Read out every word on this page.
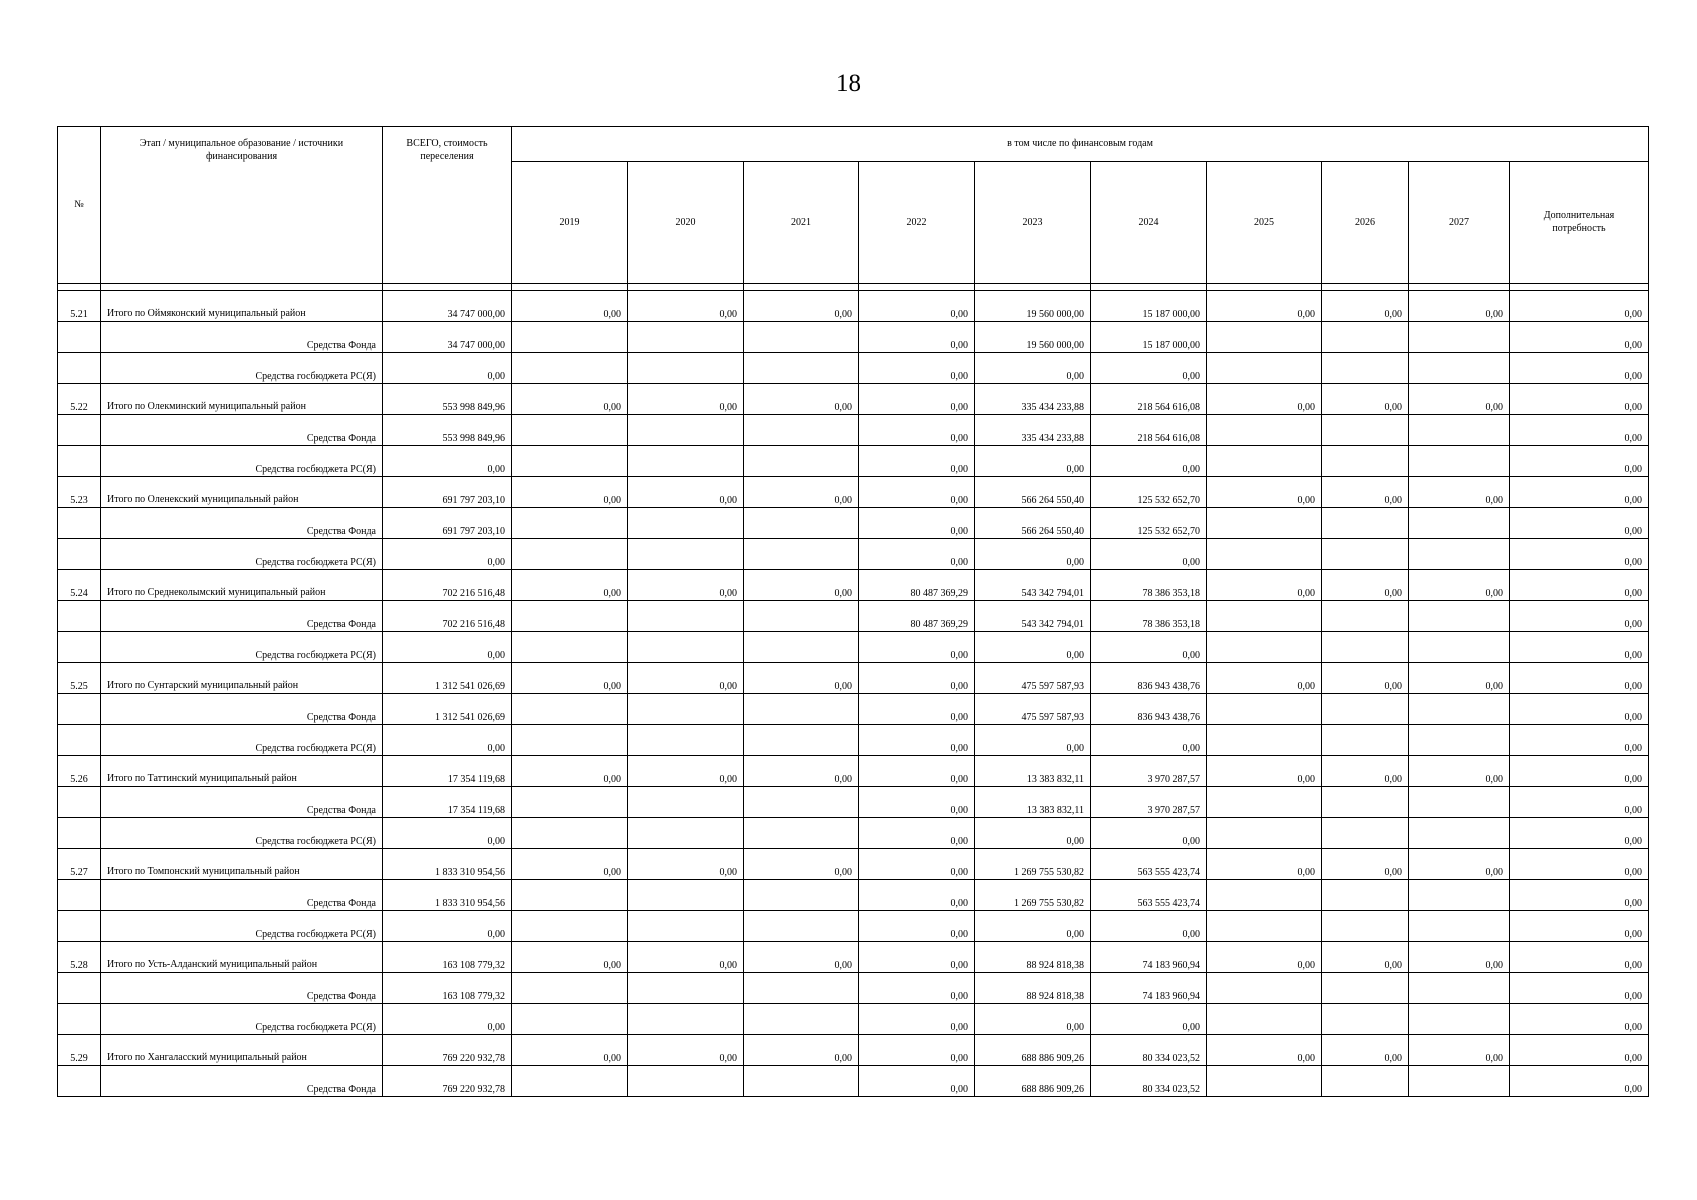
18
№	Этап / муниципальное образование / источники финансирования	ВСЕГО, стоимость переселения	в том числе по финансовым годам									
			2019	2020	2021	2022	2023	2024	2025	2026	2027	Дополнительная потребность

5.21	Итого по Оймяконский муниципальный район	34 747 000,00	0,00	0,00	0,00	0,00	19 560 000,00	15 187 000,00	0,00	0,00	0,00	0,00
	Средства Фонда	34 747 000,00				0,00	19 560 000,00	15 187 000,00				0,00
	Средства госбюджета РС(Я)	0,00				0,00	0,00	0,00				0,00
5.22	Итого по Олекминский муниципальный район	553 998 849,96	0,00	0,00	0,00	0,00	335 434 233,88	218 564 616,08	0,00	0,00	0,00	0,00
	Средства Фонда	553 998 849,96				0,00	335 434 233,88	218 564 616,08				0,00
	Средства госбюджета РС(Я)	0,00				0,00	0,00	0,00				0,00
5.23	Итого по Оленекский муниципальный район	691 797 203,10	0,00	0,00	0,00	0,00	566 264 550,40	125 532 652,70	0,00	0,00	0,00	0,00
	Средства Фонда	691 797 203,10				0,00	566 264 550,40	125 532 652,70				0,00
	Средства госбюджета РС(Я)	0,00				0,00	0,00	0,00				0,00
5.24	Итого по Среднеколымский муниципальный район	702 216 516,48	0,00	0,00	0,00	80 487 369,29	543 342 794,01	78 386 353,18	0,00	0,00	0,00	0,00
	Средства Фонда	702 216 516,48				80 487 369,29	543 342 794,01	78 386 353,18				0,00
	Средства госбюджета РС(Я)	0,00				0,00	0,00	0,00				0,00
5.25	Итого по Сунтарский муниципальный район	1 312 541 026,69	0,00	0,00	0,00	0,00	475 597 587,93	836 943 438,76	0,00	0,00	0,00	0,00
	Средства Фонда	1 312 541 026,69				0,00	475 597 587,93	836 943 438,76				0,00
	Средства госбюджета РС(Я)	0,00				0,00	0,00	0,00				0,00
5.26	Итого по Таттинский муниципальный район	17 354 119,68	0,00	0,00	0,00	0,00	13 383 832,11	3 970 287,57	0,00	0,00	0,00	0,00
	Средства Фонда	17 354 119,68				0,00	13 383 832,11	3 970 287,57				0,00
	Средства госбюджета РС(Я)	0,00				0,00	0,00	0,00				0,00
5.27	Итого по Томпонский муниципальный район	1 833 310 954,56	0,00	0,00	0,00	0,00	1 269 755 530,82	563 555 423,74	0,00	0,00	0,00	0,00
	Средства Фонда	1 833 310 954,56				0,00	1 269 755 530,82	563 555 423,74				0,00
	Средства госбюджета РС(Я)	0,00				0,00	0,00	0,00				0,00
5.28	Итого по Усть-Алданский муниципальный район	163 108 779,32	0,00	0,00	0,00	0,00	88 924 818,38	74 183 960,94	0,00	0,00	0,00	0,00
	Средства Фонда	163 108 779,32				0,00	88 924 818,38	74 183 960,94				0,00
	Средства госбюджета РС(Я)	0,00				0,00	0,00	0,00				0,00
5.29	Итого по Хангаласский муниципальный район	769 220 932,78	0,00	0,00	0,00	0,00	688 886 909,26	80 334 023,52	0,00	0,00	0,00	0,00
	Средства Фонда	769 220 932,78				0,00	688 886 909,26	80 334 023,52				0,00
